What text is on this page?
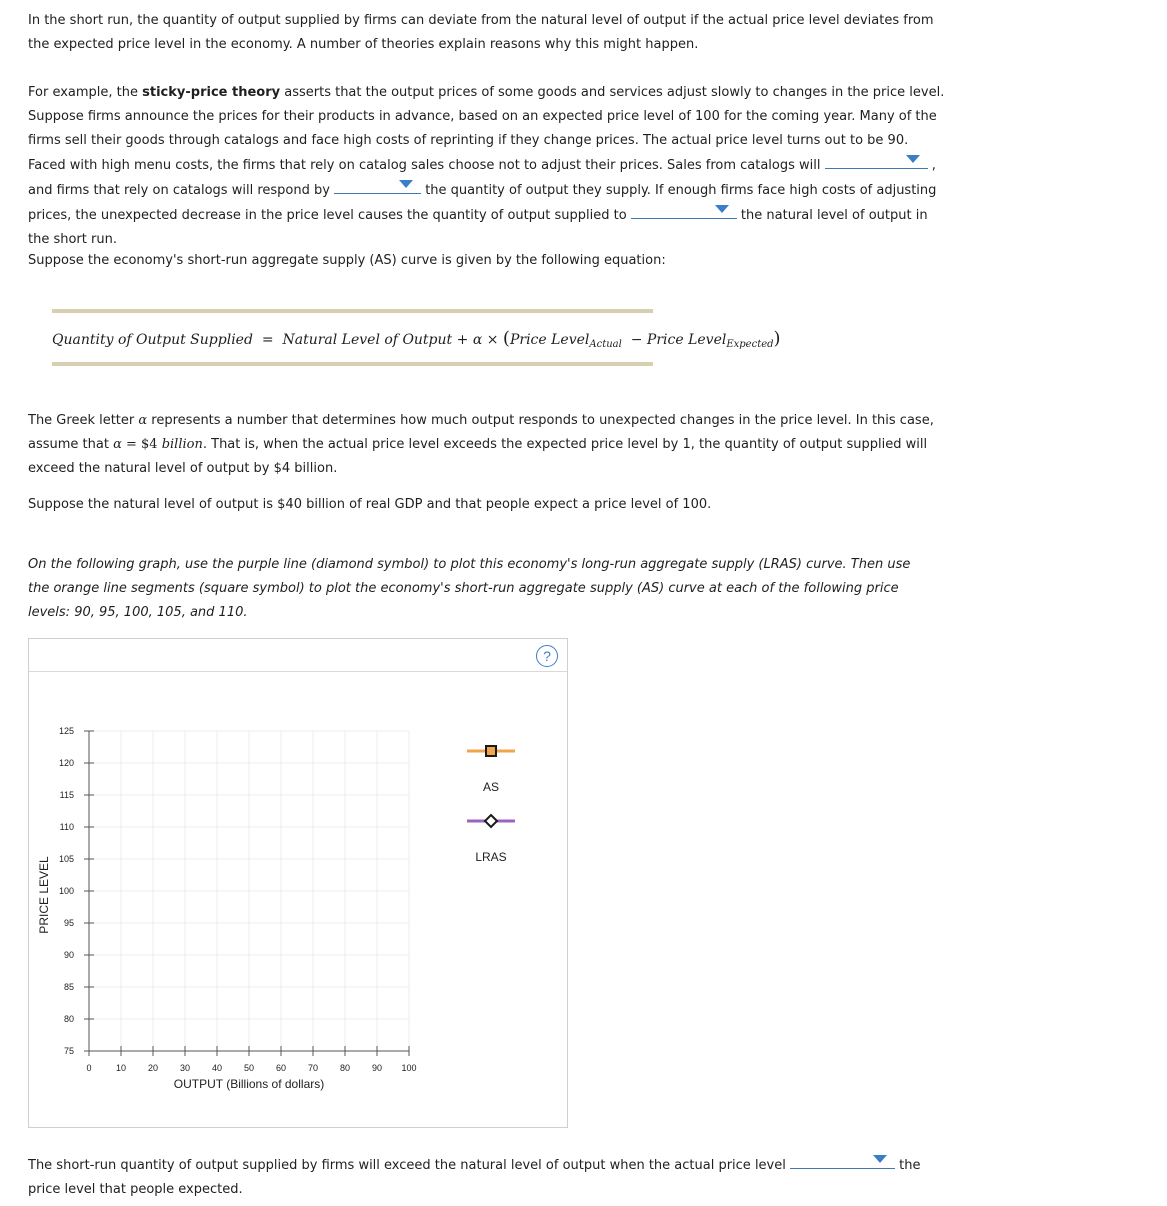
In the short run, the quantity of output supplied by firms can deviate from the natural level of output if the actual price level deviates from the expected price level in the economy. A number of theories explain reasons why this might happen.

For example, the sticky-price theory asserts that the output prices of some goods and services adjust slowly to changes in the price level. Suppose firms announce the prices for their products in advance, based on an expected price level of 100 for the coming year. Many of the firms sell their goods through catalogs and face high costs of reprinting if they change prices. The actual price level turns out to be 90. Faced with high menu costs, the firms that rely on catalog sales choose not to adjust their prices. Sales from catalogs will	, and firms that rely on catalogs will respond by	the quantity of output they supply. If enough firms face high costs of adjusting prices, the unexpected decrease in the price level causes the quantity of output supplied to	the natural level of output in the short run.

Suppose the economy's short-run aggregate supply (AS) curve is given by the following equation:

Quantity of Output Supplied = Natural Level of Output + α × (Price Level$_{Actual}$ − Price Level$_{Expected}$)

The Greek letter α represents a number that determines how much output responds to unexpected changes in the price level. In this case, assume that α = $4 billion. That is, when the actual price level exceeds the expected price level by 1, the quantity of output supplied will exceed the natural level of output by $4 billion.

Suppose the natural level of output is $40 billion of real GDP and that people expect a price level of 100.

On the following graph, use the purple line (diamond symbol) to plot this economy's long-run aggregate supply (LRAS) curve. Then use the orange line segments (square symbol) to plot the economy's short-run aggregate supply (AS) curve at each of the following price levels: 90, 95, 100, 105, and 110.

?
0	10 20 30 40 50 60 70 80 90 100
75
80
85
90
95
100
105
110
115
120
125
OUTPUT (Billions of dollars)
PRICE LEVEL
AS
LRAS

The short-run quantity of output supplied by firms will exceed the natural level of output when the actual price level	the price level that people expected.
